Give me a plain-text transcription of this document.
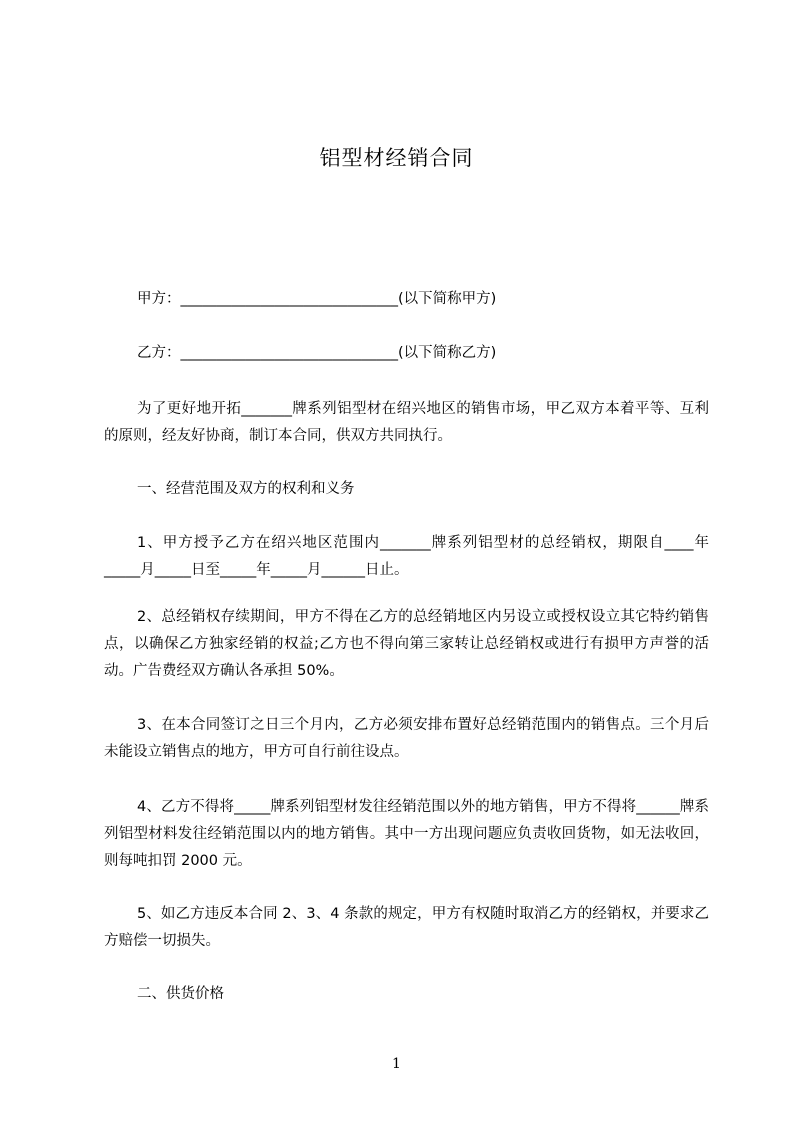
铝型材经销合同
甲方：______________________________(以下简称甲方)
乙方：______________________________(以下简称乙方)
为了更好地开拓_______牌系列铝型材在绍兴地区的销售市场，甲乙双方本着平等、互利的原则，经友好协商，制订本合同，供双方共同执行。
一、经营范围及双方的权利和义务
1、甲方授予乙方在绍兴地区范围内_______牌系列铝型材的总经销权，期限自____年_____月_____日至_____年_____月______日止。
2、总经销权存续期间，甲方不得在乙方的总经销地区内另设立或授权设立其它特约销售点，以确保乙方独家经销的权益;乙方也不得向第三家转让总经销权或进行有损甲方声誉的活动。广告费经双方确认各承担 50%。
3、在本合同签订之日三个月内，乙方必须安排布置好总经销范围内的销售点。三个月后未能设立销售点的地方，甲方可自行前往设点。
4、乙方不得将_____牌系列铝型材发往经销范围以外的地方销售，甲方不得将______牌系列铝型材料发往经销范围以内的地方销售。其中一方出现问题应负责收回货物，如无法收回，则每吨扣罚 2000 元。
5、如乙方违反本合同 2、3、4 条款的规定，甲方有权随时取消乙方的经销权，并要求乙方赔偿一切损失。
二、供货价格
1
